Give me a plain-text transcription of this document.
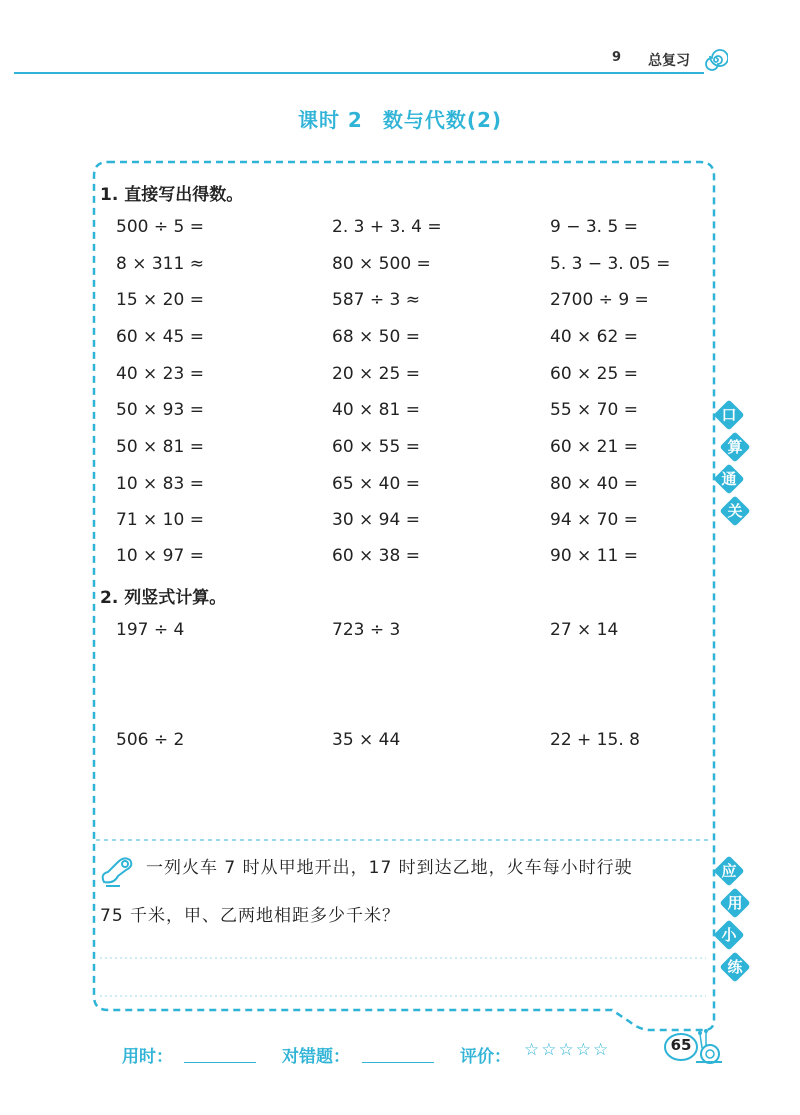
9 总复习
课时 2 数与代数(2)
1. 直接写出得数。
500 ÷ 5 =	2. 3 + 3. 4 =	9 − 3. 5 =
8 × 311 ≈	80 × 500 =	5. 3 − 3. 05 =
15 × 20 =	587 ÷ 3 ≈	2700 ÷ 9 =
60 × 45 =	68 × 50 =	40 × 62 =
40 × 23 =	20 × 25 =	60 × 25 =
50 × 93 =	40 × 81 =	55 × 70 =
50 × 81 =	60 × 55 =	60 × 21 =
10 × 83 =	65 × 40 =	80 × 40 =
71 × 10 =	30 × 94 =	94 × 70 =
10 × 97 =	60 × 38 =	90 × 11 =
2. 列竖式计算。
197 ÷ 4	723 ÷ 3	27 × 14
506 ÷ 2	35 × 44	22 + 15. 8
口
算
通
关
应
用
小
练
一列火车 7 时从甲地开出，17 时到达乙地，火车每小时行驶
75 千米，甲、乙两地相距多少千米？
用时：	对错题：	评价： ☆☆☆☆☆	65
